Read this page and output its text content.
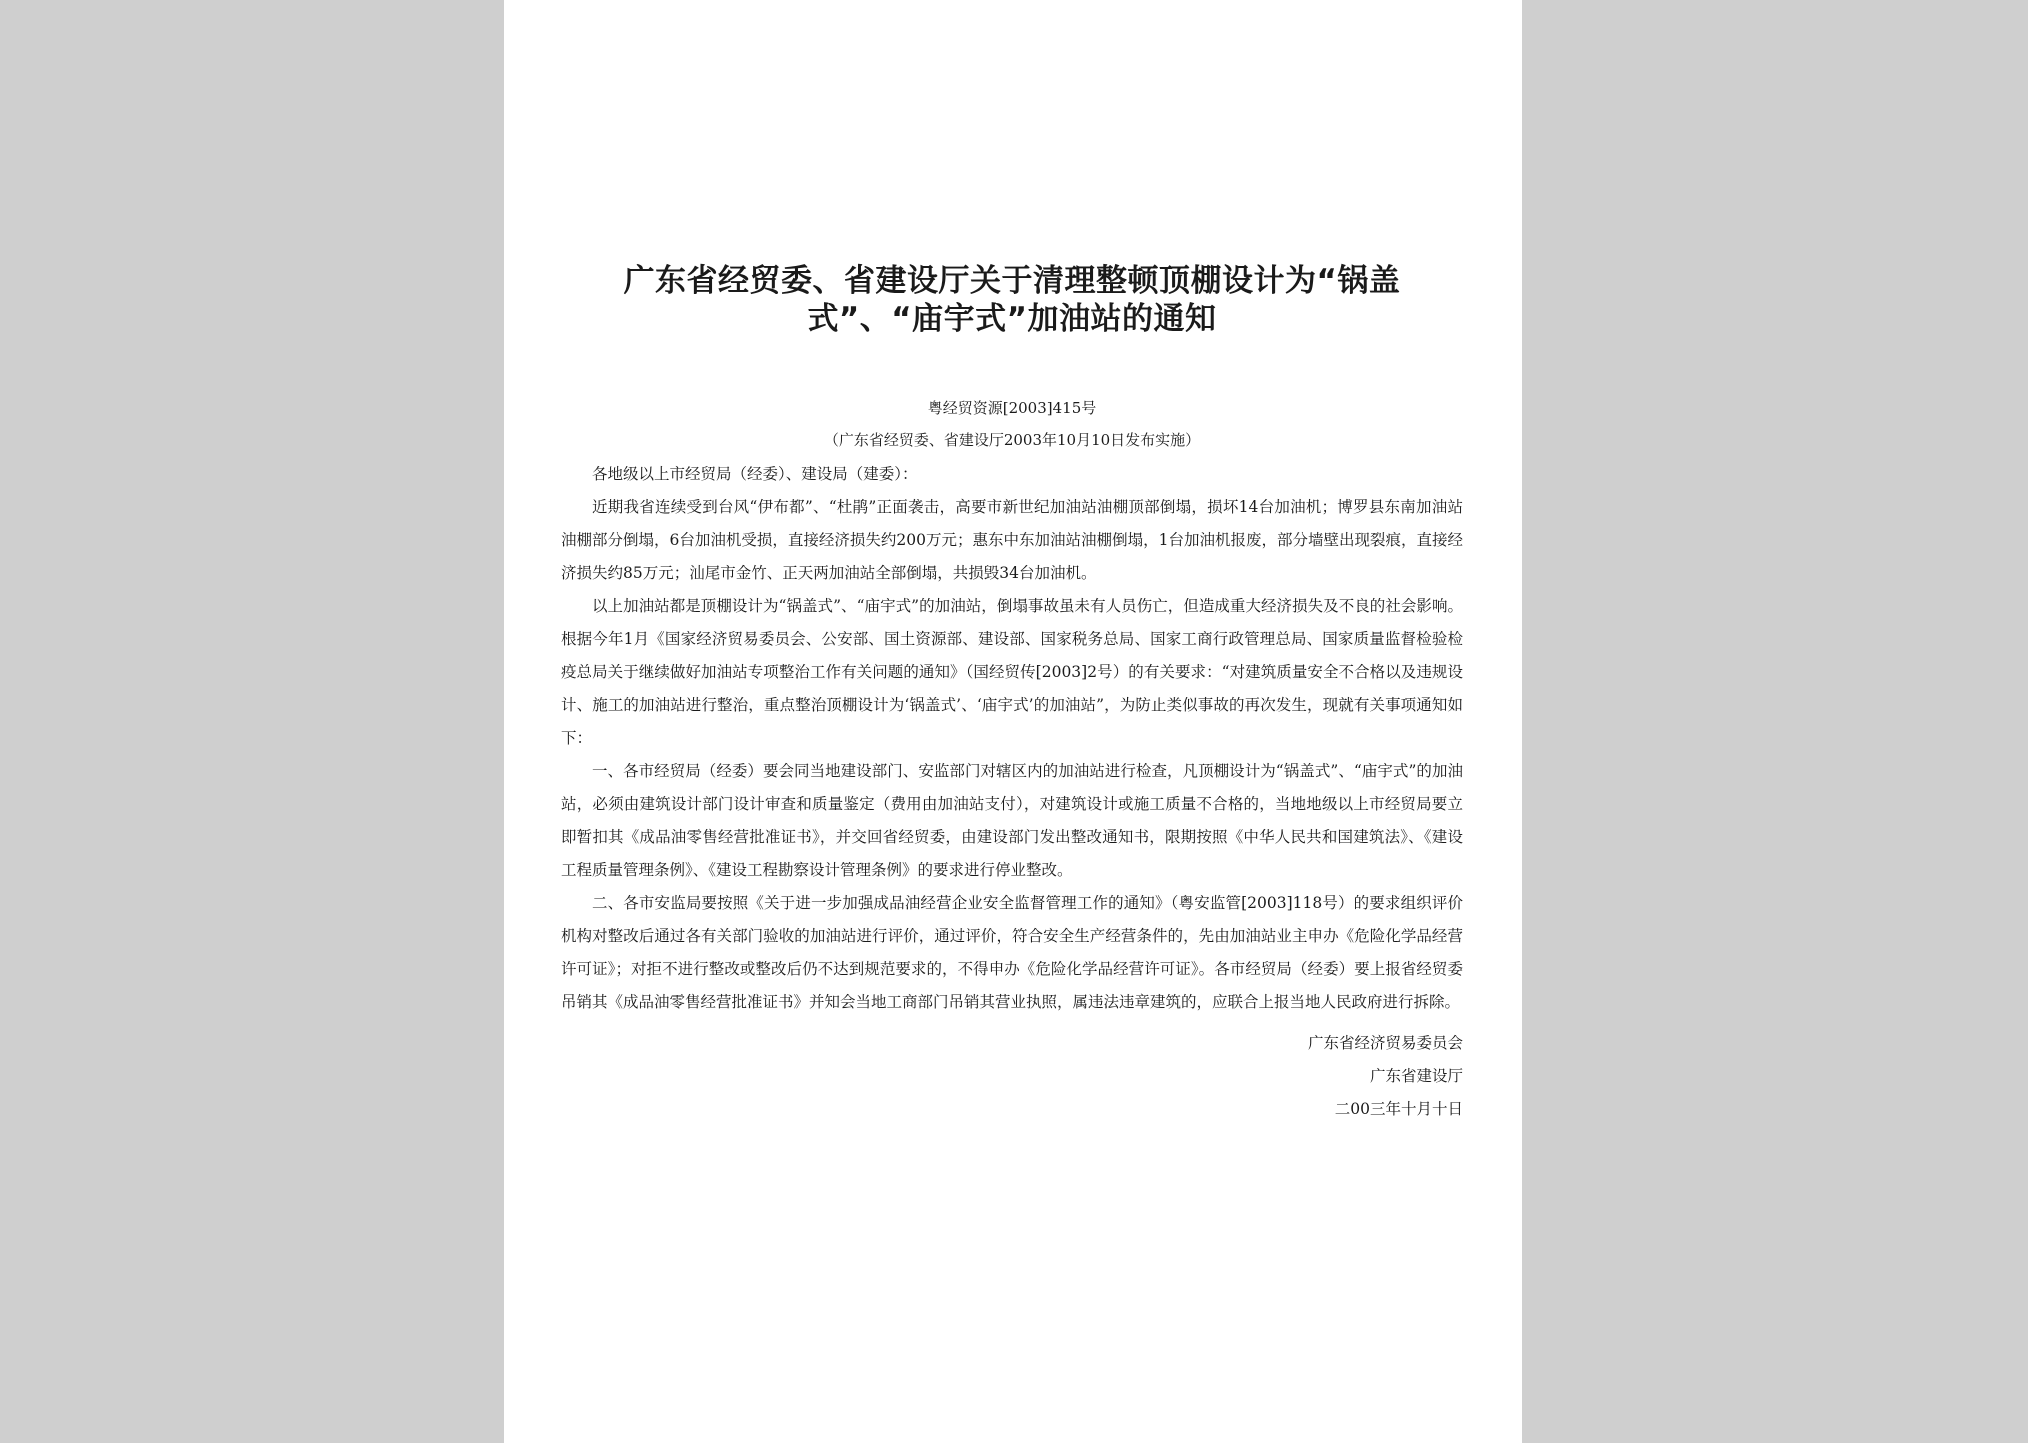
广东省经贸委、省建设厅关于清理整顿顶棚设计为“锅盖式”、“庙宇式”加油站的通知
粤经贸资源[2003]415号
（广东省经贸委、省建设厅2003年10月10日发布实施）

各地级以上市经贸局（经委）、建设局（建委）：

近期我省连续受到台风“伊布都”、“杜鹃”正面袭击，高要市新世纪加油站油棚顶部倒塌，损坏14台加油机；博罗县东南加油站油棚部分倒塌，6台加油机受损，直接经济损失约200万元；惠东中东加油站油棚倒塌，1台加油机报废，部分墙壁出现裂痕，直接经济损失约85万元；汕尾市金竹、正天两加油站全部倒塌，共损毁34台加油机。

以上加油站都是顶棚设计为“锅盖式”、“庙宇式”的加油站，倒塌事故虽未有人员伤亡，但造成重大经济损失及不良的社会影响。根据今年1月《国家经济贸易委员会、公安部、国土资源部、建设部、国家税务总局、国家工商行政管理总局、国家质量监督检验检疫总局关于继续做好加油站专项整治工作有关问题的通知》（国经贸传[2003]2号）的有关要求：“对建筑质量安全不合格以及违规设计、施工的加油站进行整治，重点整治顶棚设计为‘锅盖式’、‘庙宇式’的加油站”，为防止类似事故的再次发生，现就有关事项通知如下：

一、各市经贸局（经委）要会同当地建设部门、安监部门对辖区内的加油站进行检查，凡顶棚设计为“锅盖式”、“庙宇式”的加油站，必须由建筑设计部门设计审查和质量鉴定（费用由加油站支付），对建筑设计或施工质量不合格的，当地地级以上市经贸局要立即暂扣其《成品油零售经营批准证书》，并交回省经贸委，由建设部门发出整改通知书，限期按照《中华人民共和国建筑法》、《建设工程质量管理条例》、《建设工程勘察设计管理条例》的要求进行停业整改。

二、各市安监局要按照《关于进一步加强成品油经营企业安全监督管理工作的通知》（粤安监管[2003]118号）的要求组织评价机构对整改后通过各有关部门验收的加油站进行评价，通过评价，符合安全生产经营条件的，先由加油站业主申办《危险化学品经营许可证》；对拒不进行整改或整改后仍不达到规范要求的，不得申办《危险化学品经营许可证》。各市经贸局（经委）要上报省经贸委吊销其《成品油零售经营批准证书》并知会当地工商部门吊销其营业执照，属违法违章建筑的，应联合上报当地人民政府进行拆除。

广东省经济贸易委员会
广东省建设厅
二00三年十月十日
